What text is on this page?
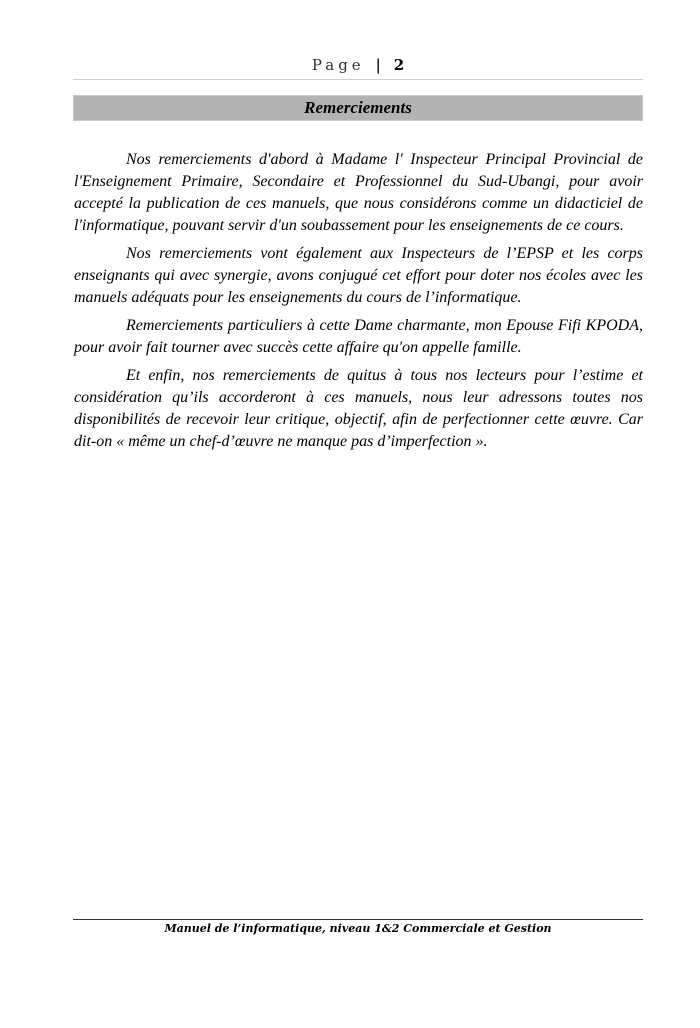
Page | 2
Remerciements

Nos remerciements d'abord à Madame l' Inspecteur Principal Provincial de l'Enseignement Primaire, Secondaire et Professionnel du Sud-Ubangi, pour avoir accepté la publication de ces manuels, que nous considérons comme un didacticiel de l'informatique, pouvant servir d'un soubassement pour les enseignements de ce cours.

Nos remerciements vont également aux Inspecteurs de l’EPSP et les corps enseignants qui avec synergie, avons conjugué cet effort pour doter nos écoles avec les manuels adéquats pour les enseignements du cours de l’informatique.

Remerciements particuliers à cette Dame charmante, mon Epouse Fifi KPODA, pour avoir fait tourner avec succès cette affaire qu'on appelle famille.

Et enfin, nos remerciements de quitus à tous nos lecteurs pour l’estime et considération qu’ils accorderont à ces manuels, nous leur adressons toutes nos disponibilités de recevoir leur critique, objectif, afin de perfectionner cette œuvre. Car dit-on « même un chef-d’œuvre ne manque pas d’imperfection ».

Manuel de l’informatique, niveau 1&2 Commerciale et Gestion
